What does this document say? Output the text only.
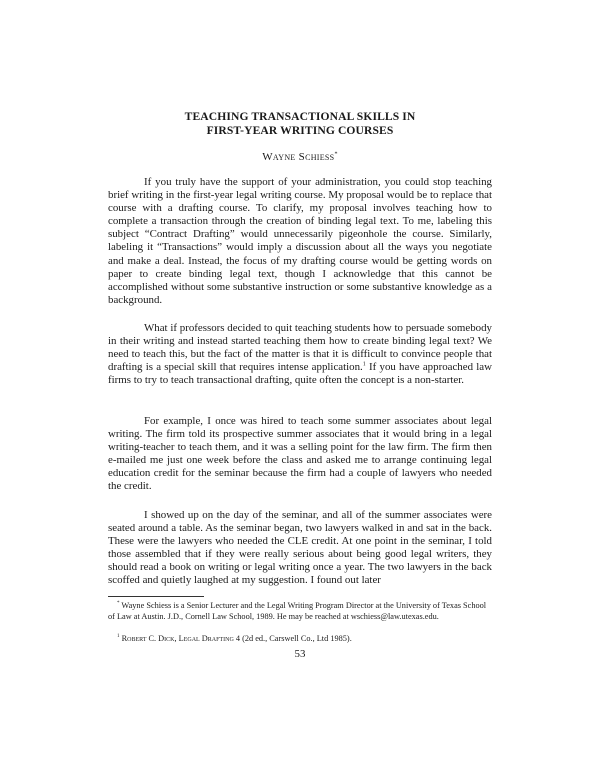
TEACHING TRANSACTIONAL SKILLS IN
FIRST-YEAR WRITING COURSES
Wayne Schiess*

If you truly have the support of your administration, you could stop teaching brief writing in the first-year legal writing course. My proposal would be to replace that course with a drafting course. To clarify, my proposal involves teaching how to complete a transaction through the creation of binding legal text. To me, labeling this subject “Contract Drafting” would unnecessarily pigeonhole the course. Similarly, labeling it “Transactions” would imply a discussion about all the ways you negotiate and make a deal. Instead, the focus of my drafting course would be getting words on paper to create binding legal text, though I acknowledge that this cannot be accomplished without some substantive instruction or some substantive knowledge as a background.

What if professors decided to quit teaching students how to persuade somebody in their writing and instead started teaching them how to create binding legal text? We need to teach this, but the fact of the matter is that it is difficult to convince people that drafting is a special skill that requires intense application.$^1$ If you have approached law firms to try to teach transactional drafting, quite often the concept is a non-starter.

For example, I once was hired to teach some summer associates about legal writing. The firm told its prospective summer associates that it would bring in a legal writing-teacher to teach them, and it was a selling point for the law firm. The firm then e-mailed me just one week before the class and asked me to arrange continuing legal education credit for the seminar because the firm had a couple of lawyers who needed the credit.

I showed up on the day of the seminar, and all of the summer associates were seated around a table. As the seminar began, two lawyers walked in and sat in the back. These were the lawyers who needed the CLE credit. At one point in the seminar, I told those assembled that if they were really serious about being good legal writers, they should read a book on writing or legal writing once a year. The two lawyers in the back scoffed and quietly laughed at my suggestion. I found out later

* Wayne Schiess is a Senior Lecturer and the Legal Writing Program Director at the University of Texas School of Law at Austin. J.D., Cornell Law School, 1989. He may be reached at wschiess@law.utexas.edu.

$^1$ Robert C. Dick, Legal Drafting 4 (2d ed., Carswell Co., Ltd 1985).

53
